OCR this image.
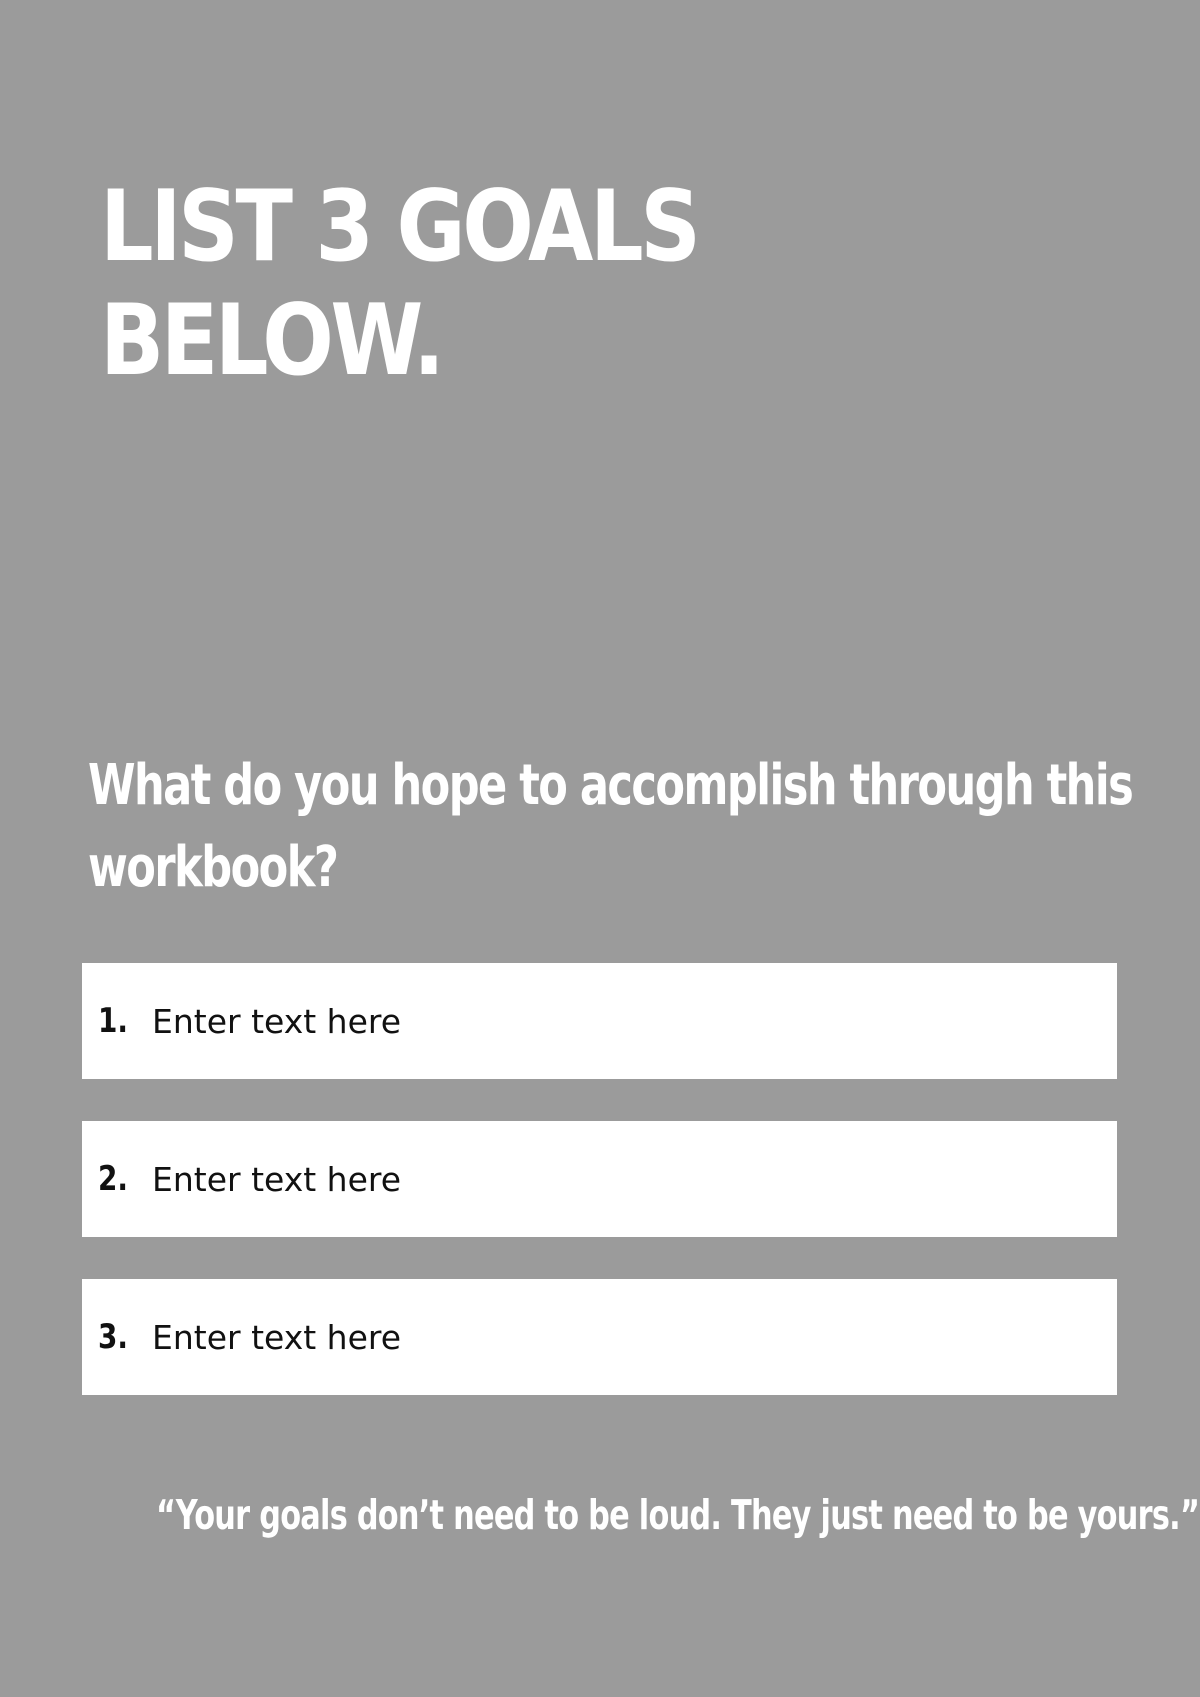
LIST 3 GOALS
BELOW.
What do you hope to accomplish through this
workbook?
1.
Enter text here
2.
Enter text here
3.
Enter text here

“Your goals don’t need to be loud. They just need to be yours.”
